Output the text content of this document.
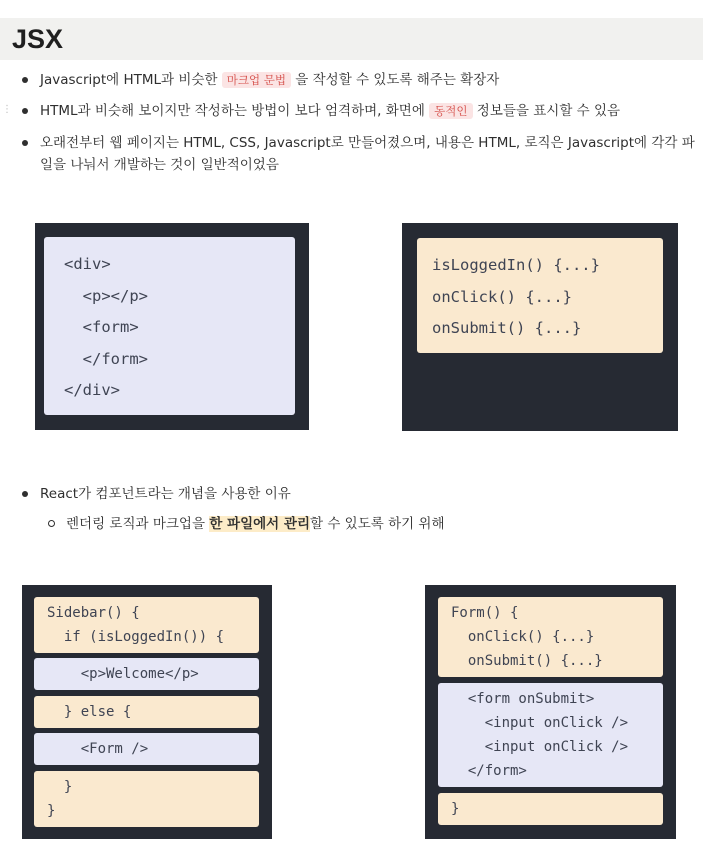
JSX
⋮
Javascript에 HTML과 비슷한 마크업 문법 을 작성할 수 있도록 해주는 확장자
HTML과 비슷해 보이지만 작성하는 방법이 보다 엄격하며, 화면에 동적인 정보들을 표시할 수 있음
오래전부터 웹 페이지는 HTML, CSS, Javascript로 만들어졌으며, 내용은 HTML, 로직은 Javascript에 각각 파일을 나눠서 개발하는 것이 일반적이었음
<div>
<p></p>
<form>
</form>
</div>
isLoggedIn() {...}
onClick() {...}
onSubmit() {...}
React가 컴포넌트라는 개념을 사용한 이유
렌더링 로직과 마크업을 한 파일에서 관리할 수 있도록 하기 위해
Sidebar() {
if (isLoggedIn()) {
<p>Welcome</p>
} else {
<Form />
}
}
Form() {
onClick() {...}
onSubmit() {...}
<form onSubmit>
<input onClick />
<input onClick />
</form>
}
